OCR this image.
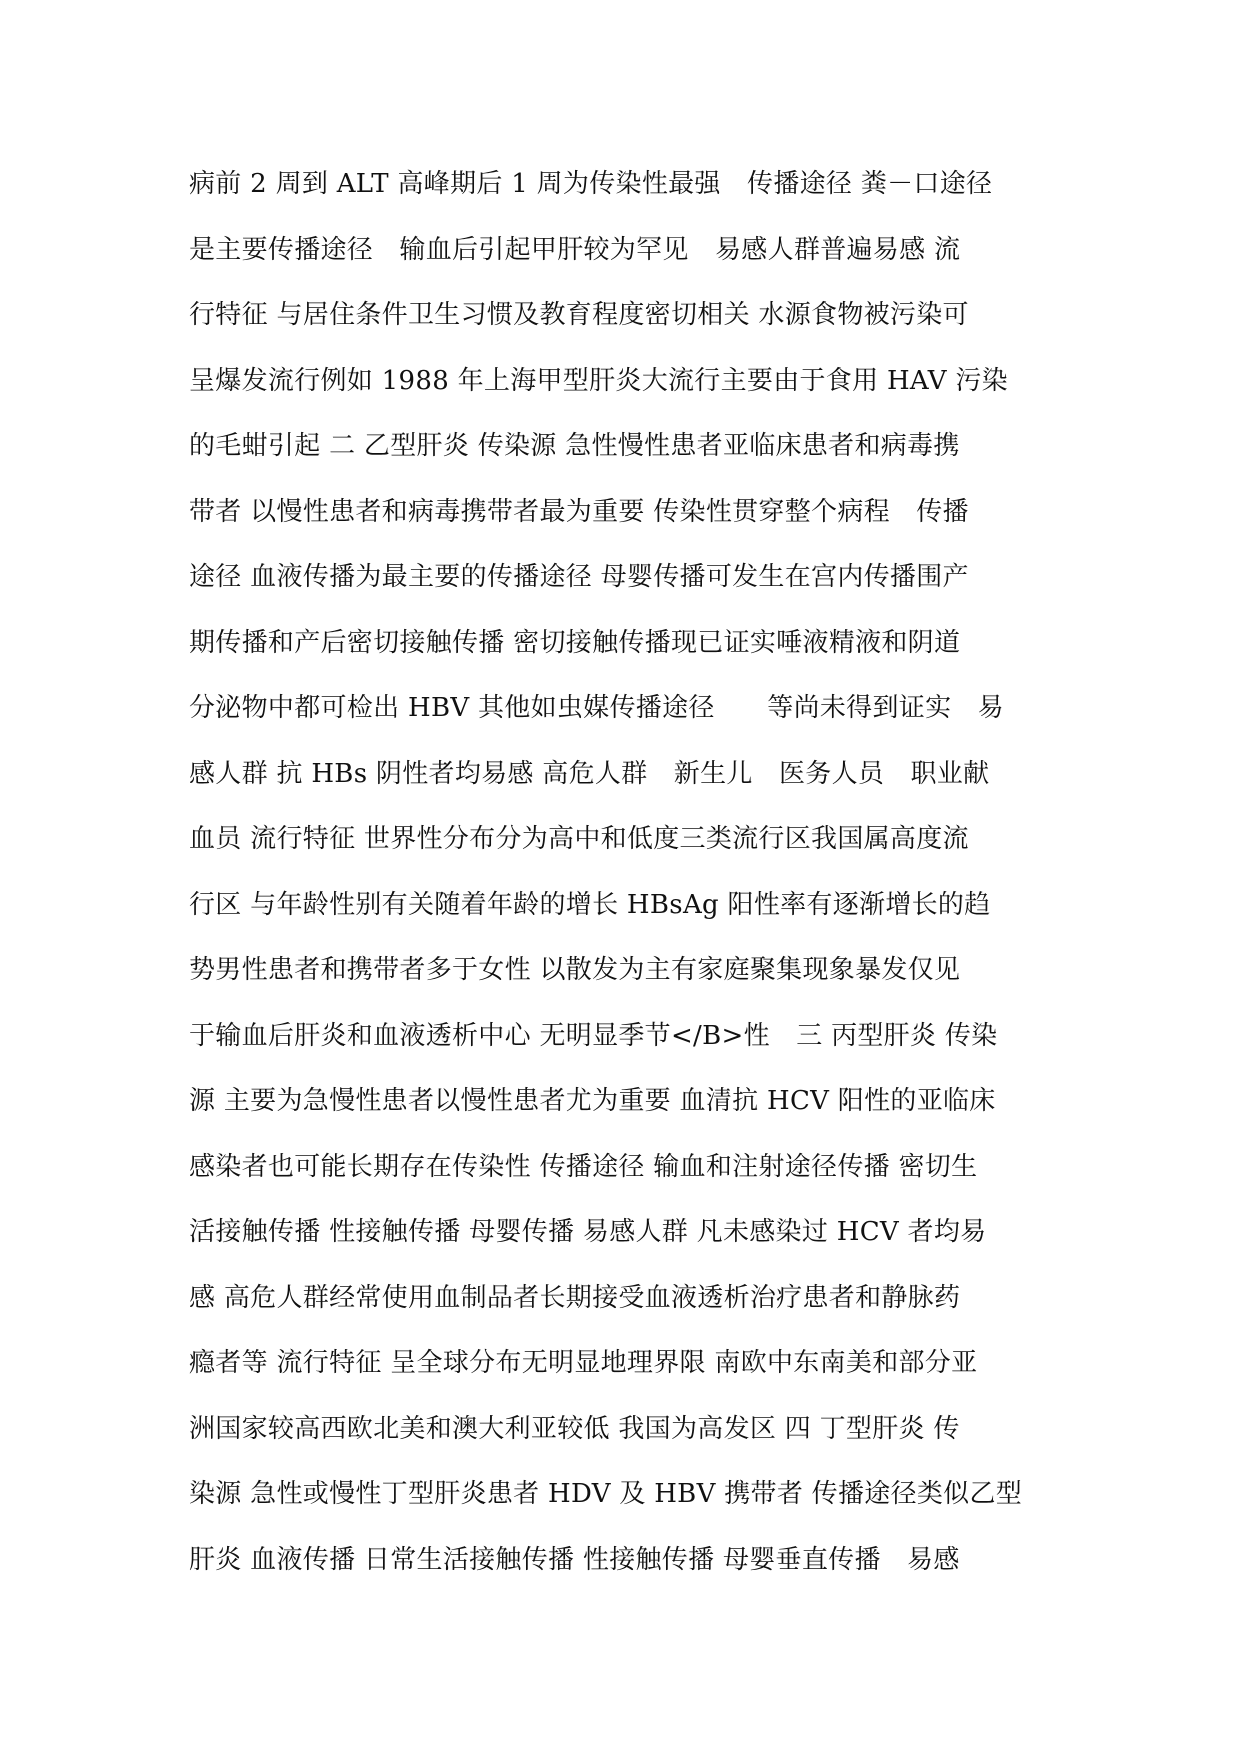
病前 2 周到 ALT 高峰期后 1 周为传染性最强　传播途径 粪－口途径
是主要传播途径　输血后引起甲肝较为罕见　易感人群普遍易感 流
行特征 与居住条件卫生习惯及教育程度密切相关 水源食物被污染可
呈爆发流行例如 1988 年上海甲型肝炎大流行主要由于食用 HAV 污染
的毛蚶引起 二 乙型肝炎 传染源 急性慢性患者亚临床患者和病毒携
带者 以慢性患者和病毒携带者最为重要 传染性贯穿整个病程　传播
途径 血液传播为最主要的传播途径 母婴传播可发生在宫内传播围产
期传播和产后密切接触传播 密切接触传播现已证实唾液精液和阴道
分泌物中都可检出 HBV 其他如虫媒传播途径　　等尚未得到证实　易
感人群 抗 HBs 阴性者均易感 高危人群　新生儿　医务人员　职业献
血员 流行特征 世界性分布分为高中和低度三类流行区我国属高度流
行区 与年龄性别有关随着年龄的增长 HBsAg 阳性率有逐渐增长的趋
势男性患者和携带者多于女性 以散发为主有家庭聚集现象暴发仅见
于输血后肝炎和血液透析中心 无明显季节</B>性　三 丙型肝炎 传染
源 主要为急慢性患者以慢性患者尤为重要 血清抗 HCV 阳性的亚临床
感染者也可能长期存在传染性 传播途径 输血和注射途径传播 密切生
活接触传播 性接触传播 母婴传播 易感人群 凡未感染过 HCV 者均易
感 高危人群经常使用血制品者长期接受血液透析治疗患者和静脉药
瘾者等 流行特征 呈全球分布无明显地理界限 南欧中东南美和部分亚
洲国家较高西欧北美和澳大利亚较低 我国为高发区 四 丁型肝炎 传
染源 急性或慢性丁型肝炎患者 HDV 及 HBV 携带者 传播途径类似乙型
肝炎 血液传播 日常生活接触传播 性接触传播 母婴垂直传播　易感
